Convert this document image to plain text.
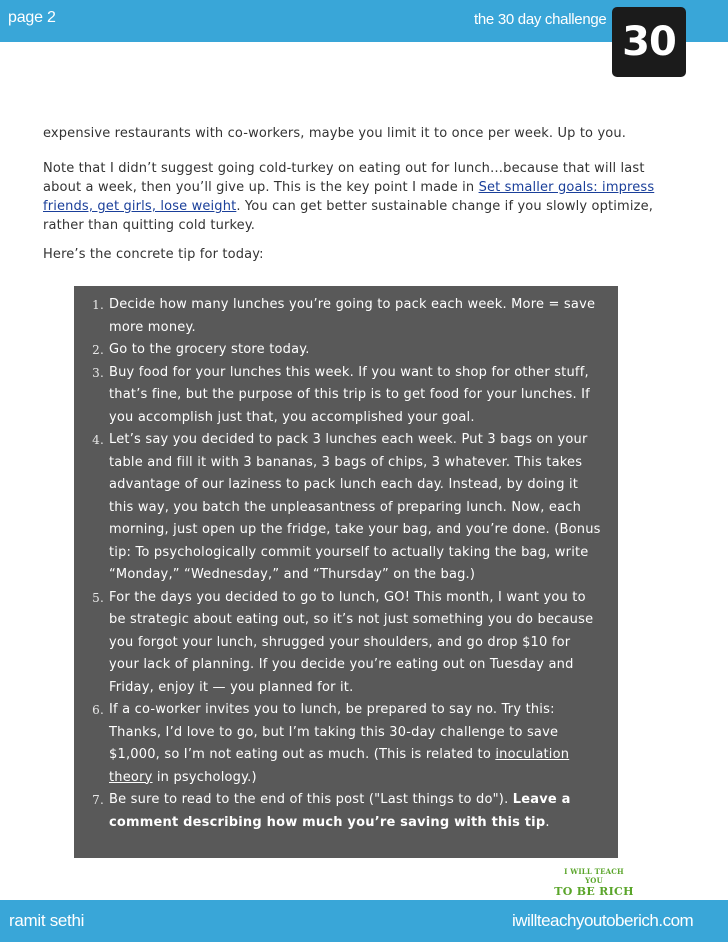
page 2	the 30 day challenge 30
expensive restaurants with co-workers, maybe you limit it to once per week. Up to you.
Note that I didn’t suggest going cold-turkey on eating out for lunch…because that will last about a week, then you’ll give up. This is the key point I made in Set smaller goals: impress friends, get girls, lose weight. You can get better sustainable change if you slowly optimize, rather than quitting cold turkey.
Here’s the concrete tip for today:
1. Decide how many lunches you’re going to pack each week. More = save more money.
2. Go to the grocery store today.
3. Buy food for your lunches this week. If you want to shop for other stuff, that’s fine, but the purpose of this trip is to get food for your lunches. If you accomplish just that, you accomplished your goal.
4. Let’s say you decided to pack 3 lunches each week. Put 3 bags on your table and fill it with 3 bananas, 3 bags of chips, 3 whatever. This takes advantage of our laziness to pack lunch each day. Instead, by doing it this way, you batch the unpleasantness of preparing lunch. Now, each morning, just open up the fridge, take your bag, and you’re done. (Bonus tip: To psychologically commit yourself to actually taking the bag, write “Monday,” “Wednesday,” and “Thursday” on the bag.)
5. For the days you decided to go to lunch, GO! This month, I want you to be strategic about eating out, so it’s not just something you do because you forgot your lunch, shrugged your shoulders, and go drop $10 for your lack of planning. If you decide you’re eating out on Tuesday and Friday, enjoy it — you planned for it.
6. If a co-worker invites you to lunch, be prepared to say no. Try this: Thanks, I’d love to go, but I’m taking this 30-day challenge to save $1,000, so I’m not eating out as much. (This is related to inoculation theory in psychology.)
7. Be sure to read to the end of this post ("Last things to do"). Leave a comment describing how much you’re saving with this tip.
I WILL TEACH YOU
TO BE RICH
ramit sethi	iwillteachyoutoberich.com
